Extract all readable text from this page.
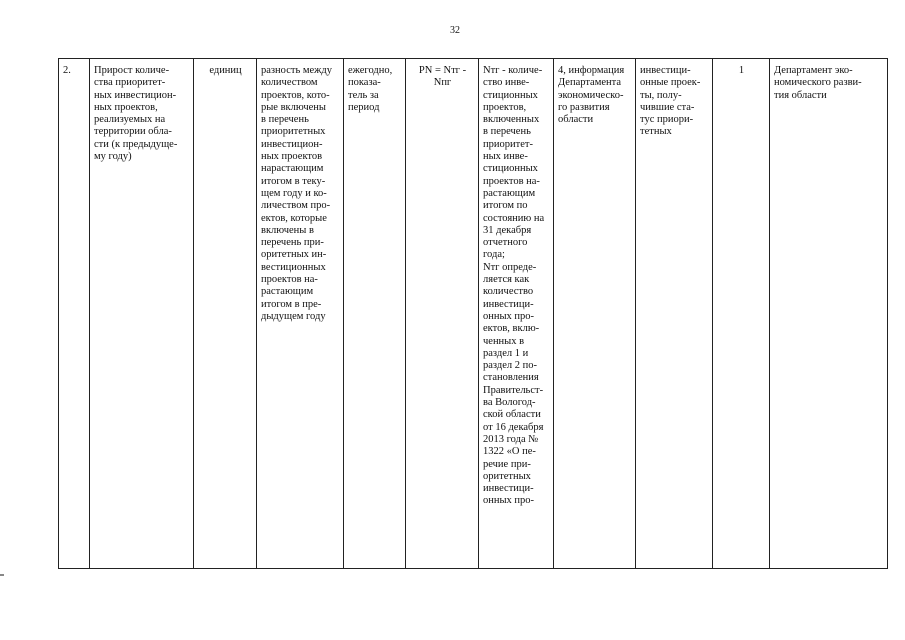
32
2.	Прирост количе-
ства приоритет-
ных инвестицион-
ных проектов,
реализуемых на
территории обла-
сти (к предыдуще-
му году)	единиц	разность между
количеством
проектов, кото-
рые включены
в перечень
приоритетных
инвестицион-
ных проектов
нарастающим
итогом в теку-
щем году и ко-
личеством про-
ектов, которые
включены в
перечень при-
оритетных ин-
вестиционных
проектов на-
растающим
итогом в пре-
дыдущем году	ежегодно,
показа-
тель за
период	PN = Nтг -
Nпг	Nтг - количе-
ство инве-
стиционных
проектов,
включенных
в перечень
приоритет-
ных инве-
стиционных
проектов на-
растающим
итогом по
состоянию на
31 декабря
отчетного
года;
Nтг опреде-
ляется как
количество
инвестици-
онных про-
ектов, вклю-
ченных в
раздел 1 и
раздел 2 по-
становления
Правительст-
ва Вологод-
ской области
от 16 декабря
2013 года №
1322 «О пе-
речие при-
оритетных
инвестици-
онных про-	4, информация
Департамента
экономическо-
го развития
области	инвестици-
онные проек-
ты, полу-
чившие ста-
тус приори-
тетных	1	Департамент эко-
номического разви-
тия области
